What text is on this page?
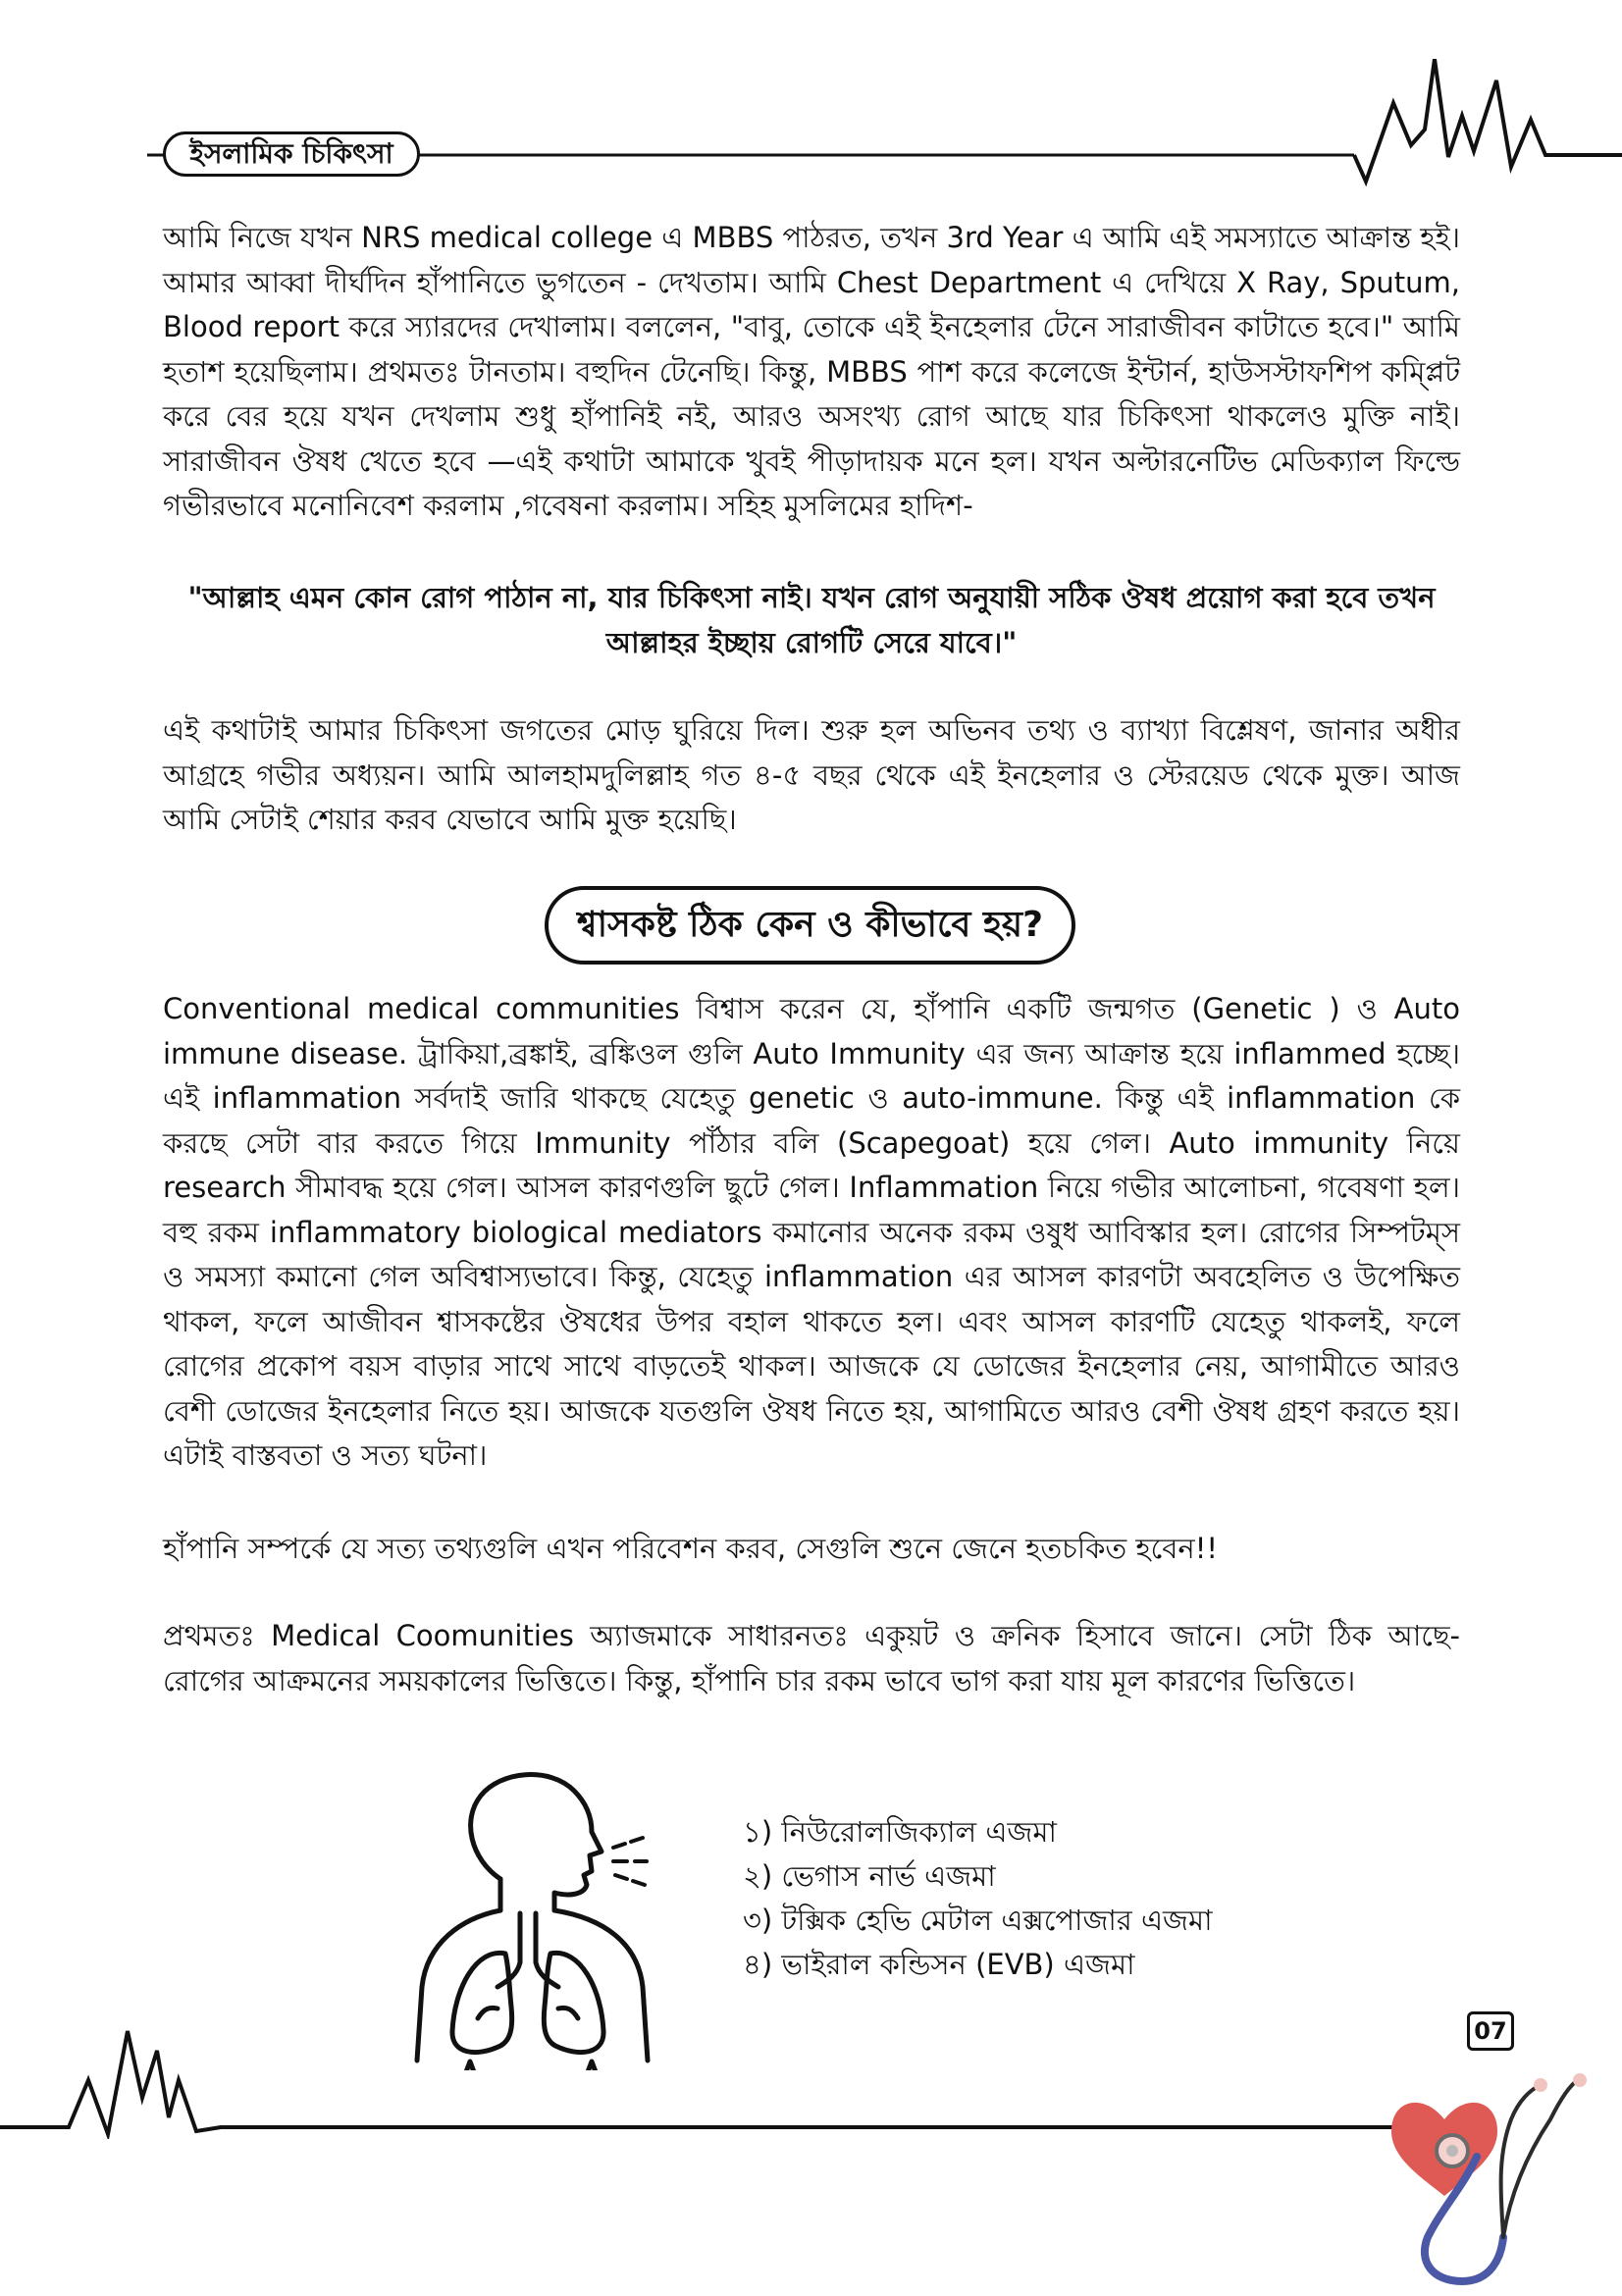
ইসলামিক চিকিৎসা
আমি নিজে যখন NRS medical college এ MBBS পাঠরত, তখন 3rd Year এ আমি এই সমস্যাতে আক্রান্ত হই। আমার আব্বা দীর্ঘদিন হাঁপানিতে ভুগতেন - দেখতাম। আমি Chest Department এ দেখিয়ে X Ray, Sputum, Blood report করে স্যারদের দেখালাম। বললেন, "বাবু, তোকে এই ইনহেলার টেনে সারাজীবন কাটাতে হবে।" আমি হতাশ হয়েছিলাম। প্রথমতঃ টানতাম। বহুদিন টেনেছি। কিন্তু, MBBS পাশ করে কলেজে ইন্টার্ন, হাউসস্টাফশিপ কম্প্লিট করে বের হয়ে যখন দেখলাম শুধু হাঁপানিই নই, আরও অসংখ্য রোগ আছে যার চিকিৎসা থাকলেও মুক্তি নাই। সারাজীবন ঔষধ খেতে হবে —এই কথাটা আমাকে খুবই পীড়াদায়ক মনে হল। যখন অল্টারনেটিভ মেডিক্যাল ফিল্ডে গভীরভাবে মনোনিবেশ করলাম ,গবেষনা করলাম। সহিহ মুসলিমের হাদিশ-
"আল্লাহ এমন কোন রোগ পাঠান না, যার চিকিৎসা নাই। যখন রোগ অনুযায়ী সঠিক ঔষধ প্রয়োগ করা হবে তখন আল্লাহর ইচ্ছায় রোগটি সেরে যাবে।"
এই কথাটাই আমার চিকিৎসা জগতের মোড় ঘুরিয়ে দিল। শুরু হল অভিনব তথ্য ও ব্যাখ্যা বিশ্লেষণ, জানার অধীর আগ্রহে গভীর অধ্যয়ন। আমি আলহামদুলিল্লাহ গত ৪-৫ বছর থেকে এই ইনহেলার ও স্টেরয়েড থেকে মুক্ত। আজ আমি সেটাই শেয়ার করব যেভাবে আমি মুক্ত হয়েছি।
শ্বাসকষ্ট ঠিক কেন ও কীভাবে হয়?
Conventional medical communities বিশ্বাস করেন যে, হাঁপানি একটি জন্মগত (Genetic ) ও Auto immune disease. ট্রাকিয়া,ব্রঙ্কাই, ব্রঙ্কিওল গুলি Auto Immunity এর জন্য আক্রান্ত হয়ে inflammed হচ্ছে। এই inflammation সর্বদাই জারি থাকছে যেহেতু genetic ও auto-immune. কিন্তু এই inflammation কে করছে সেটা বার করতে গিয়ে Immunity পাঁঠার বলি (Scapegoat) হয়ে গেল। Auto immunity নিয়ে research সীমাবদ্ধ হয়ে গেল। আসল কারণগুলি ছুটে গেল। Inflammation নিয়ে গভীর আলোচনা, গবেষণা হল। বহু রকম inflammatory biological mediators কমানোর অনেক রকম ওষুধ আবিস্কার হল। রোগের সিম্পটম্স ও সমস্যা কমানো গেল অবিশ্বাস্যভাবে। কিন্তু, যেহেতু inflammation এর আসল কারণটা অবহেলিত ও উপেক্ষিত থাকল, ফলে আজীবন শ্বাসকষ্টের ঔষধের উপর বহাল থাকতে হল। এবং আসল কারণটি যেহেতু থাকলই, ফলে রোগের প্রকোপ বয়স বাড়ার সাথে সাথে বাড়তেই থাকল। আজকে যে ডোজের ইনহেলার নেয়, আগামীতে আরও বেশী ডোজের ইনহেলার নিতে হয়। আজকে যতগুলি ঔষধ নিতে হয়, আগামিতে আরও বেশী ঔষধ গ্রহণ করতে হয়। এটাই বাস্তবতা ও সত্য ঘটনা।
হাঁপানি সম্পর্কে যে সত্য তথ্যগুলি এখন পরিবেশন করব, সেগুলি শুনে জেনে হতচকিত হবেন!!
প্রথমতঃ Medical Coomunities অ্যাজমাকে সাধারনতঃ একুয়ট ও ক্রনিক হিসাবে জানে। সেটা ঠিক আছে- রোগের আক্রমনের সময়কালের ভিত্তিতে। কিন্তু, হাঁপানি চার রকম ভাবে ভাগ করা যায় মূল কারণের ভিত্তিতে।
১) নিউরোলজিক্যাল এজমা
২) ভেগাস নার্ভ এজমা
৩) টক্সিক হেভি মেটাল এক্সপোজার এজমা
৪) ভাইরাল কন্ডিসন (EVB) এজমা
07
